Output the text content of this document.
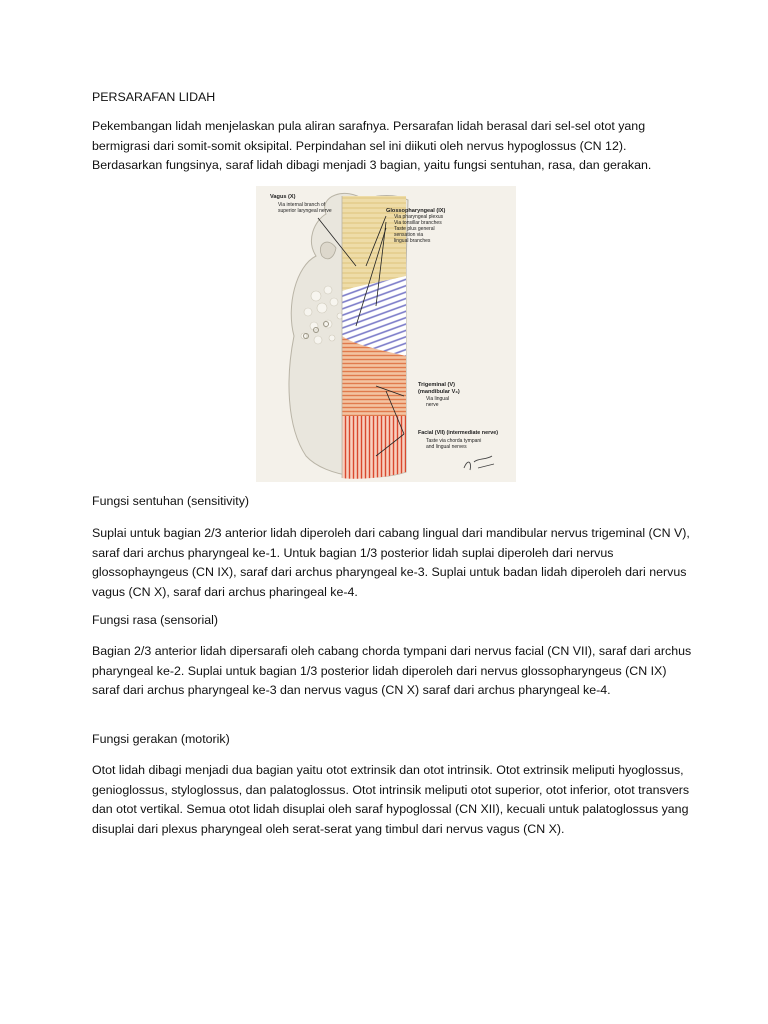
PERSARAFAN LIDAH

Pekembangan lidah menjelaskan pula aliran sarafnya. Persarafan lidah berasal dari sel-sel otot yang bermigrasi dari somit-somit oksipital. Perpindahan sel ini diikuti oleh nervus hypoglossus (CN 12). Berdasarkan fungsinya, saraf lidah dibagi menjadi 3 bagian, yaitu fungsi sentuhan, rasa, dan gerakan.

Vagus (X)
Via internal branch of
superior laryngeal nerve	Glossopharyngeal (IX)
Via pharyngeal plexus
Via tonsillar branches
Taste plus general
sensation via
lingual branches
Trigeminal (V)
(mandibular V₃)
Via lingual
nerve
Facial (VII) (intermediate nerve)
Taste via chorda tympani
and lingual nerves

Fungsi sentuhan (sensitivity)

Suplai untuk bagian 2/3 anterior lidah diperoleh dari cabang lingual dari mandibular nervus trigeminal (CN V), saraf dari archus pharyngeal ke-1. Untuk bagian 1/3 posterior lidah suplai diperoleh dari nervus glossophayngeus (CN IX), saraf dari archus pharyngeal ke-3. Suplai untuk badan lidah diperoleh dari nervus vagus (CN X), saraf dari archus pharingeal ke-4.

Fungsi rasa (sensorial)

Bagian 2/3 anterior lidah dipersarafi oleh cabang chorda tympani dari nervus facial (CN VII), saraf dari archus pharyngeal ke-2. Suplai untuk bagian 1/3 posterior lidah diperoleh dari nervus glossopharyngeus (CN IX) saraf dari archus pharyngeal ke-3 dan nervus vagus (CN X) saraf dari archus pharyngeal ke-4.

Fungsi gerakan (motorik)

Otot lidah dibagi menjadi dua bagian yaitu otot extrinsik dan otot intrinsik. Otot extrinsik meliputi hyoglossus, genioglossus, styloglossus, dan palatoglossus. Otot intrinsik meliputi otot superior, otot inferior, otot transvers dan otot vertikal. Semua otot lidah disuplai oleh saraf hypoglossal (CN XII), kecuali untuk palatoglossus yang disuplai dari plexus pharyngeal oleh serat-serat yang timbul dari nervus vagus (CN X).
